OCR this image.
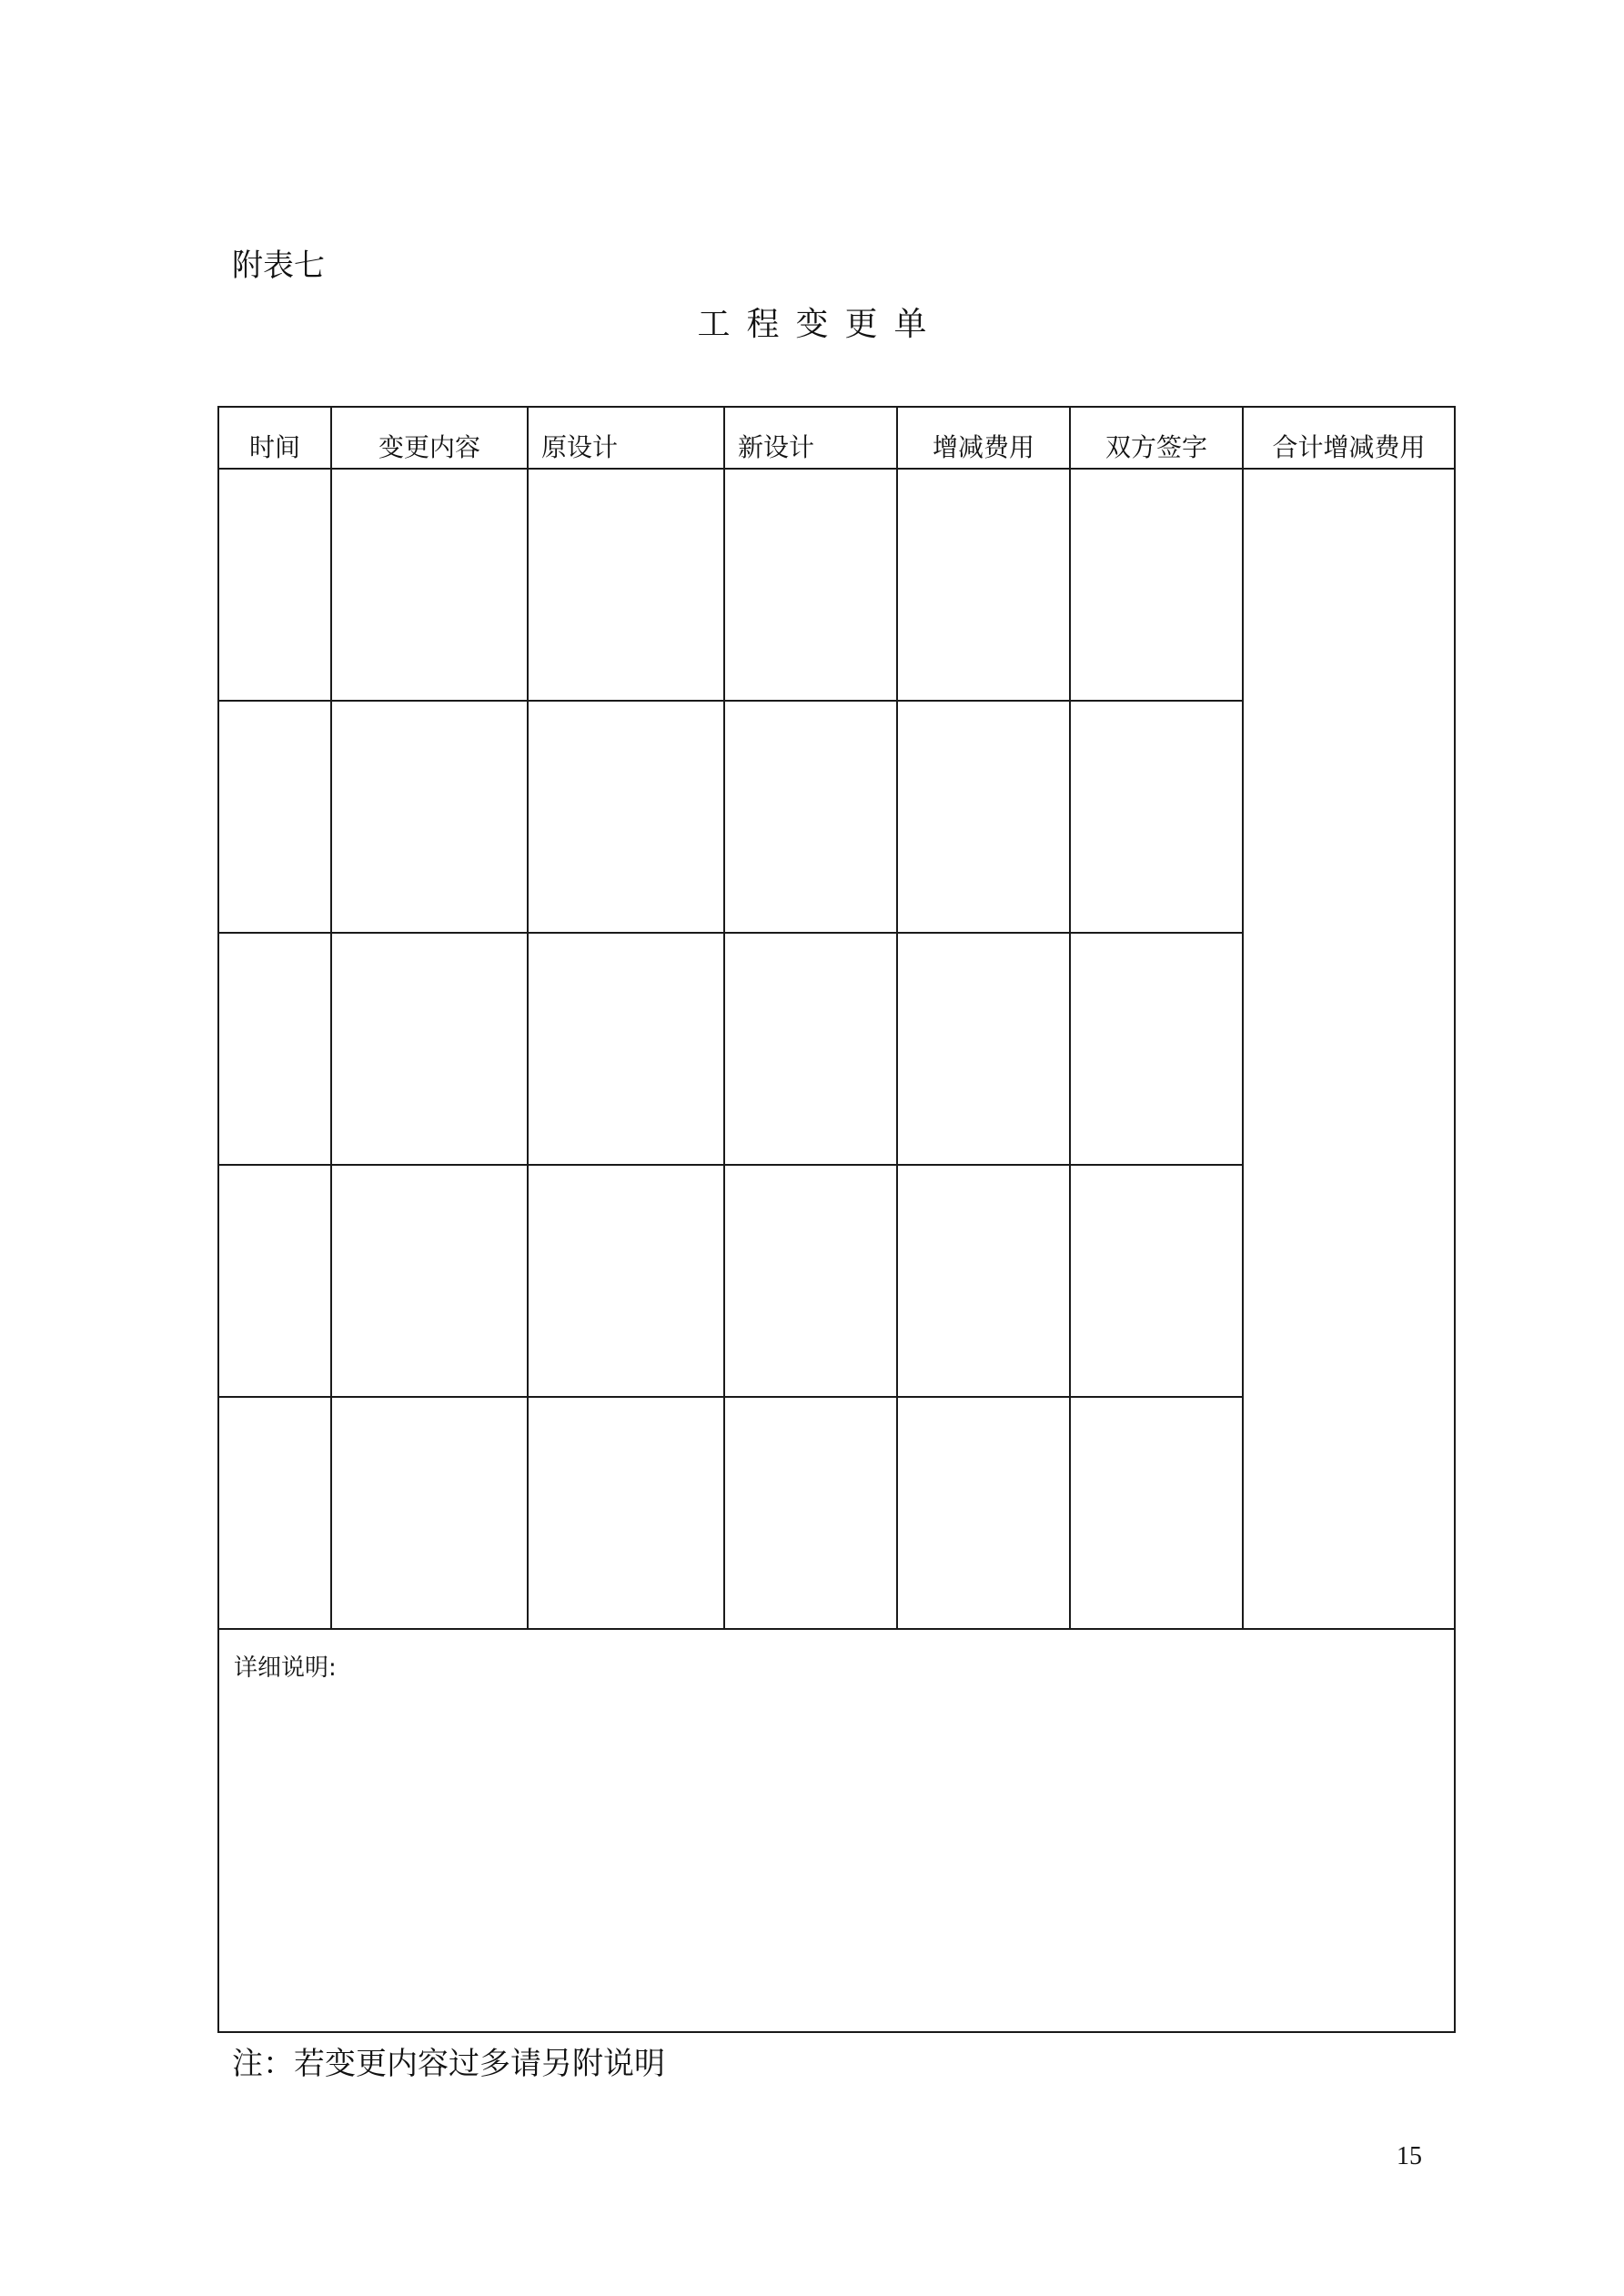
附表七
工程变更单
时间	变更内容	原设计	新设计	增减费用	双方签字	合计增减费用

详细说明:						

注：若变更内容过多请另附说明

15
